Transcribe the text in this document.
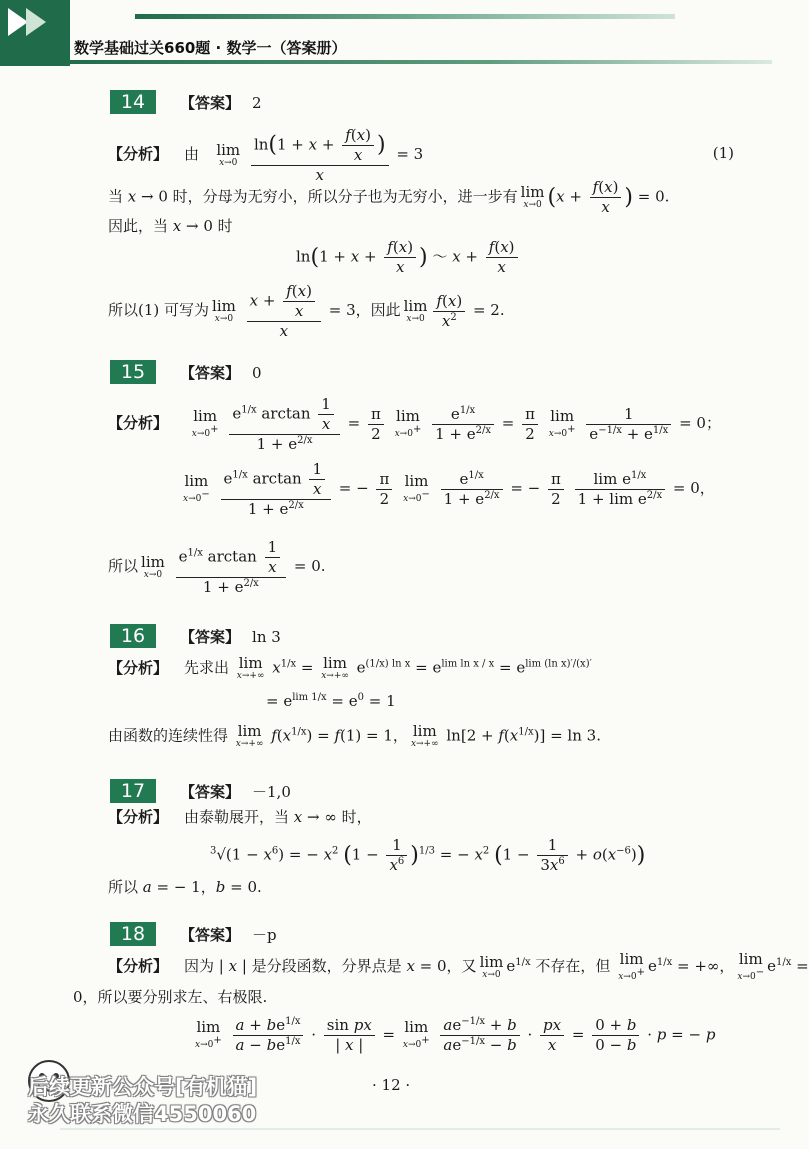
数学基础过关660题 · 数学一（答案册）
14	【答案】 2
【分析】 由   lim
x→0
$\frac{\ln(1 + x + \frac{f(x)}{x} )}{x} = 3$	(1)
当 x → 0 时，分母为无穷小，所以分子也为无穷小，进一步有 lim
x→0 ($x + \frac{f(x)}{x}$ ) = 0.
因此，当 x → 0 时
$\ln(1 + x + \frac{f(x)}{x}$ ) ～ $x + \frac{f(x)}{x}$
所以(1) 可写为 lim
x→0
$\frac{x + \frac{f(x)}{x}}{x} = 3$，因此 lim
$x\to 0 \frac{f(x)}{x^2} = 2$.
15	【答案】 0
【分析】 lim
x→0+
$\frac{e^{1/x} \arctan \frac{1}{x}}{1 + e^{2/x}} = \frac{\pi}{2}$ lim
x→0+
$\frac{e^{1/x}}{1 + e^{2/x}} = \frac{\pi}{2}$ lim
x→0+
$\frac{1}{e^{-1/x} + e^{1/x}} = 0$；
lim
x→0−
$\frac{e^{1/x} \arctan \frac{1}{x}}{1 + e^{2/x}}$ = − $\frac{\pi}{2}$ lim
x→0−
$\frac{e^{1/x}}{1 + e^{2/x}}$ = − $\frac{\pi}{2}$
$\frac{\lim e^{1/x}}{1 + \lim e^{2/x}} = 0$，
所以 lim
x→0
$\frac{e^{1/x} \arctan \frac{1}{x}}{1 + e^{2/x}} = 0$.
16	【答案】 ln 3
【分析】 先求出 lim
x→+∞ $x^{1/x} = \lim$
x→+∞ $e^{(1/x) ln x} = e^{lim ln x / x} = e^{lim (ln x)'/(x)'}$
= $e^{lim 1/x} = e^0 = 1$
由函数的连续性得 lim
x→+∞ $f(x^{1/x}) = f(1) = 1$， lim
x→+∞ $\ln[2 + f(x^{1/x})] = \ln 3$.
17	【答案】 －1,0
【分析】 由泰勒展开，当 x → ∞ 时，
$^3√(1 - x^6)$ = − $x^2$ $(1 - \frac{1}{x^6} )^{1/3}$ = − $x^2$ $(1 - \frac{1}{3x^6} + o(x^{-6}))$
所以 a = − 1，b = 0.
18	【答案】 －p
【分析】 因为 | x | 是分段函数，分界点是 x = 0，又 lim
x→0 $e^{1/x}$ 不存在，但 lim
x→0+ $e^{1/x}$ = +∞， lim
x→0− $e^{1/x}$ =
0，所以要分别求左、右极限.
lim
x→0+
$\frac{a + be^{1/x}}{a - be^{1/x}} \cdot \frac{\text{sin px}}{| x |} = \lim$
x→0+
$\frac{ae^{-1/x} + b}{ae^{-1/x} - b} \cdot \frac{px}{x} = \frac{0 + b}{0 - b} \cdot p$ = − p
后续更新公众号[有机猫]
永久联系微信4550060
· 12 ·
